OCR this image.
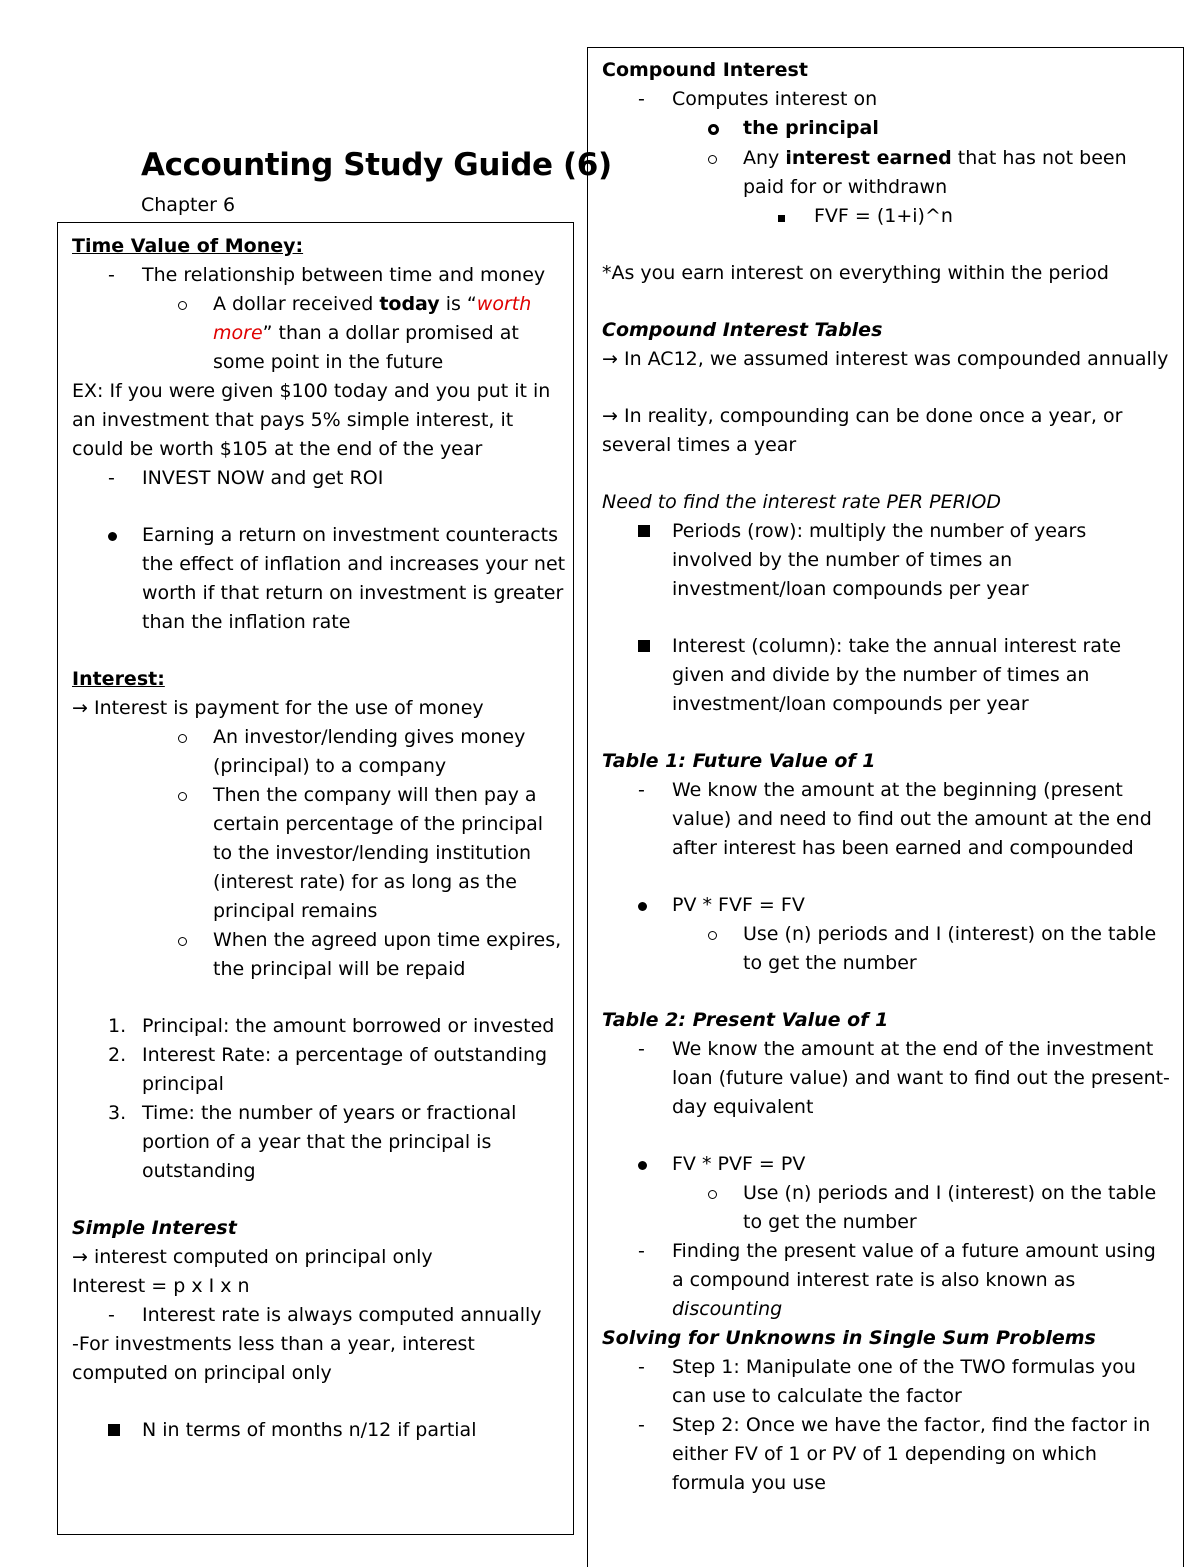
Accounting Study Guide (6)
Chapter 6

Time Value of Money:

-	The relationship between time and money
A dollar received today is “worth more” than a dollar promised at some point in the future

EX: If you were given $100 today and you put it in an investment that pays 5% simple interest, it could be worth $105 at the end of the year

-	INVEST NOW and get ROI
Earning a return on investment counteracts the effect of inflation and increases your net worth if that return on investment is greater than the inflation rate

Interest:

→ Interest is payment for the use of money

An investor/lending gives money (principal) to a company
Then the company will then pay a certain percentage of the principal to the investor/lending institution (interest rate) for as long as the principal remains
When the agreed upon time expires, the principal will be repaid
1. Principal: the amount borrowed or invested
2. Interest Rate: a percentage of outstanding principal
3. Time: the number of years or fractional portion of a year that the principal is outstanding

Simple Interest

→ interest computed on principal only

Interest = p x I x n

-	Interest rate is always computed annually

-For investments less than a year, interest computed on principal only

N in terms of months n/12 if partial

Compound Interest

-	Computes interest on
the principal
Any interest earned that has not been paid for or withdrawn
FVF = (1+i)^n

*As you earn interest on everything within the period

Compound Interest Tables

→ In AC12, we assumed interest was compounded annually

→ In reality, compounding can be done once a year, or several times a year

Need to find the interest rate PER PERIOD

Periods (row): multiply the number of years involved by the number of times an investment/loan compounds per year
Interest (column): take the annual interest rate given and divide by the number of times an investment/loan compounds per year

Table 1: Future Value of 1

-	We know the amount at the beginning (present value) and need to find out the amount at the end after interest has been earned and compounded
PV * FVF = FV
Use (n) periods and I (interest) on the table to get the number

Table 2: Present Value of 1

-	We know the amount at the end of the investment loan (future value) and want to find out the present-day equivalent
FV * PVF = PV
Use (n) periods and I (interest) on the table to get the number
-	Finding the present value of a future amount using a compound interest rate is also known as discounting

Solving for Unknowns in Single Sum Problems

-	Step 1: Manipulate one of the TWO formulas you can use to calculate the factor
-	Step 2: Once we have the factor, find the factor in either FV of 1 or PV of 1 depending on which formula you use
